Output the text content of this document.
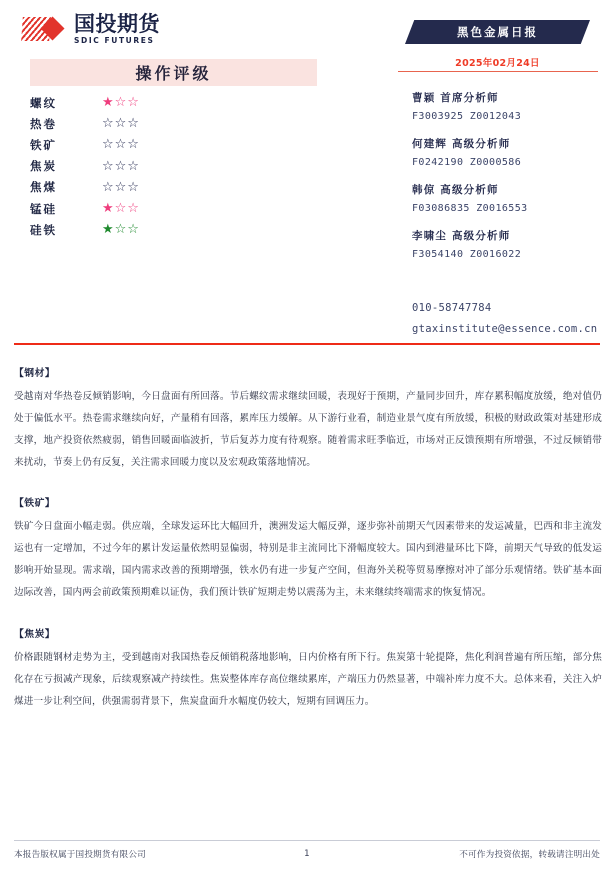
国投期货
SDIC FUTURES
操作评级
螺纹	★☆☆
热卷	☆☆☆
铁矿	☆☆☆
焦炭	☆☆☆
焦煤	☆☆☆
锰硅	★☆☆
硅铁	★☆☆
黑色金属日报
2025年02月24日
曹颖 首席分析师
F3003925 Z0012043
何建辉 高级分析师
F0242190 Z0000586
韩倞 高级分析师
F03086835 Z0016553
李啸尘 高级分析师
F3054140 Z0016022
010-58747784
gtaxinstitute@essence.com.cn
【钢材】
受越南对华热卷反倾销影响，今日盘面有所回落。节后螺纹需求继续回暖，表现好于预期，产量同步回升，库存累积幅度放缓，绝对值仍处于偏低水平。热卷需求继续向好，产量稍有回落，累库压力缓解。从下游行业看，制造业景气度有所放缓，积极的财政政策对基建形成支撑，地产投资依然疲弱，销售回暖面临波折，节后复苏力度有待观察。随着需求旺季临近，市场对正反馈预期有所增强，不过反倾销带来扰动，节奏上仍有反复，关注需求回暖力度以及宏观政策落地情况。
【铁矿】
铁矿今日盘面小幅走弱。供应端，全球发运环比大幅回升，澳洲发运大幅反弹，逐步弥补前期天气因素带来的发运减量，巴西和非主流发运也有一定增加，不过今年的累计发运量依然明显偏弱，特别是非主流同比下滑幅度较大。国内到港量环比下降，前期天气导致的低发运影响开始显现。需求端，国内需求改善的预期增强，铁水仍有进一步复产空间，但海外关税等贸易摩擦对冲了部分乐观情绪。铁矿基本面边际改善，国内两会前政策预期难以证伪，我们预计铁矿短期走势以震荡为主，未来继续终端需求的恢复情况。
【焦炭】
价格跟随钢材走势为主，受到越南对我国热卷反倾销税落地影响，日内价格有所下行。焦炭第十轮提降，焦化利润普遍有所压缩，部分焦化存在亏损减产现象，后续观察减产持续性。焦炭整体库存高位继续累库，产端压力仍然显著，中端补库力度不大。总体来看，关注入炉煤进一步让利空间，供强需弱背景下，焦炭盘面升水幅度仍较大，短期有回调压力。
本报告版权属于国投期货有限公司	1	不可作为投资依据，转载请注明出处
